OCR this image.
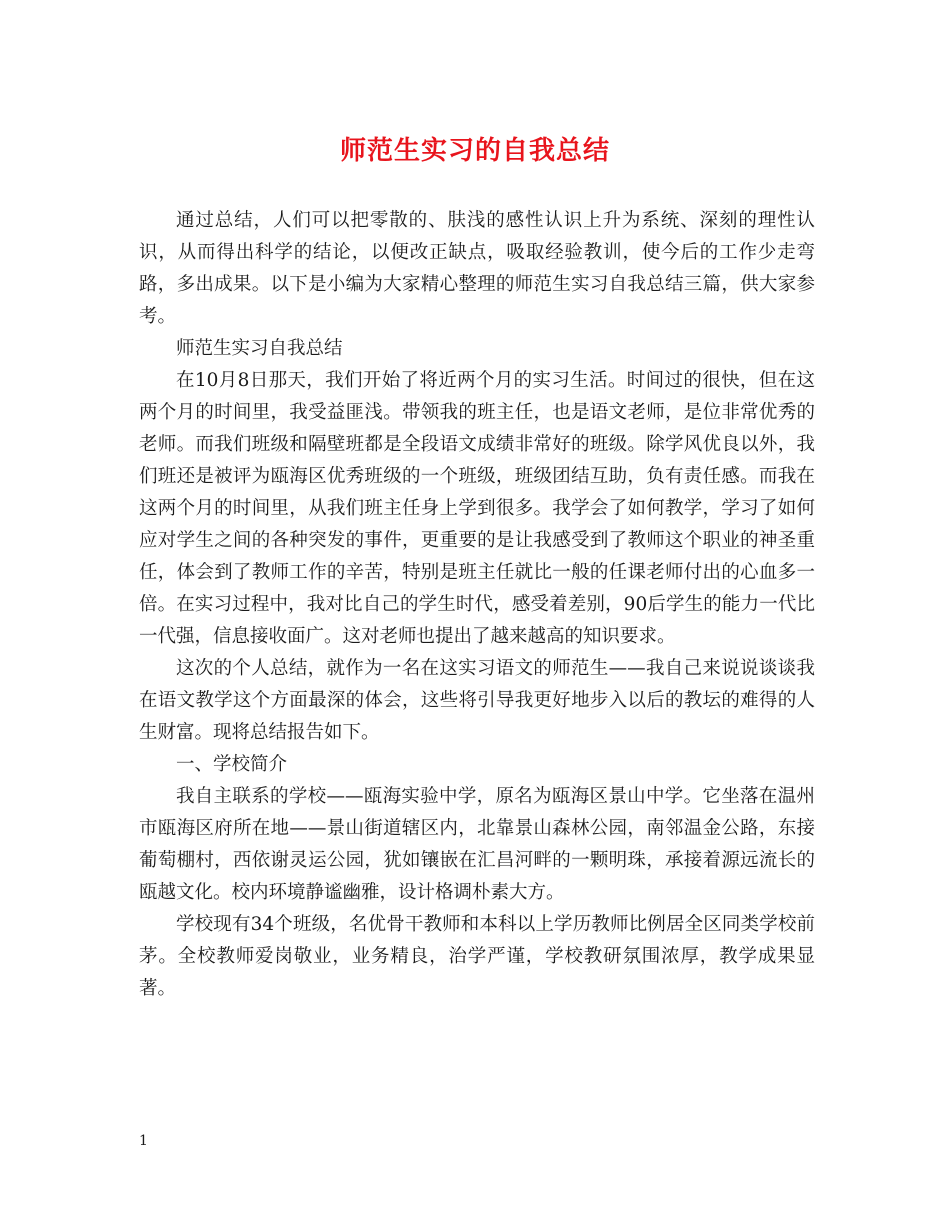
师范生实习的自我总结

通过总结，人们可以把零散的、肤浅的感性认识上升为系统、深刻的理性认识，从而得出科学的结论，以便改正缺点，吸取经验教训，使今后的工作少走弯路，多出成果。以下是小编为大家精心整理的师范生实习自我总结三篇，供大家参考。

师范生实习自我总结

在10月8日那天，我们开始了将近两个月的实习生活。时间过的很快，但在这两个月的时间里，我受益匪浅。带领我的班主任，也是语文老师，是位非常优秀的老师。而我们班级和隔壁班都是全段语文成绩非常好的班级。除学风优良以外，我们班还是被评为瓯海区优秀班级的一个班级，班级团结互助，负有责任感。而我在这两个月的时间里，从我们班主任身上学到很多。我学会了如何教学，学习了如何应对学生之间的各种突发的事件，更重要的是让我感受到了教师这个职业的神圣重任，体会到了教师工作的辛苦，特别是班主任就比一般的任课老师付出的心血多一倍。在实习过程中，我对比自己的学生时代，感受着差别，90后学生的能力一代比一代强，信息接收面广。这对老师也提出了越来越高的知识要求。

这次的个人总结，就作为一名在这实习语文的师范生——我自己来说说谈谈我在语文教学这个方面最深的体会，这些将引导我更好地步入以后的教坛的难得的人生财富。现将总结报告如下。

一、学校简介

我自主联系的学校——瓯海实验中学，原名为瓯海区景山中学。它坐落在温州市瓯海区府所在地——景山街道辖区内，北靠景山森林公园，南邻温金公路，东接葡萄棚村，西依谢灵运公园，犹如镶嵌在汇昌河畔的一颗明珠，承接着源远流长的瓯越文化。校内环境静谧幽雅，设计格调朴素大方。

学校现有34个班级，名优骨干教师和本科以上学历教师比例居全区同类学校前茅。全校教师爱岗敬业，业务精良，治学严谨，学校教研氛围浓厚，教学成果显著。

1
